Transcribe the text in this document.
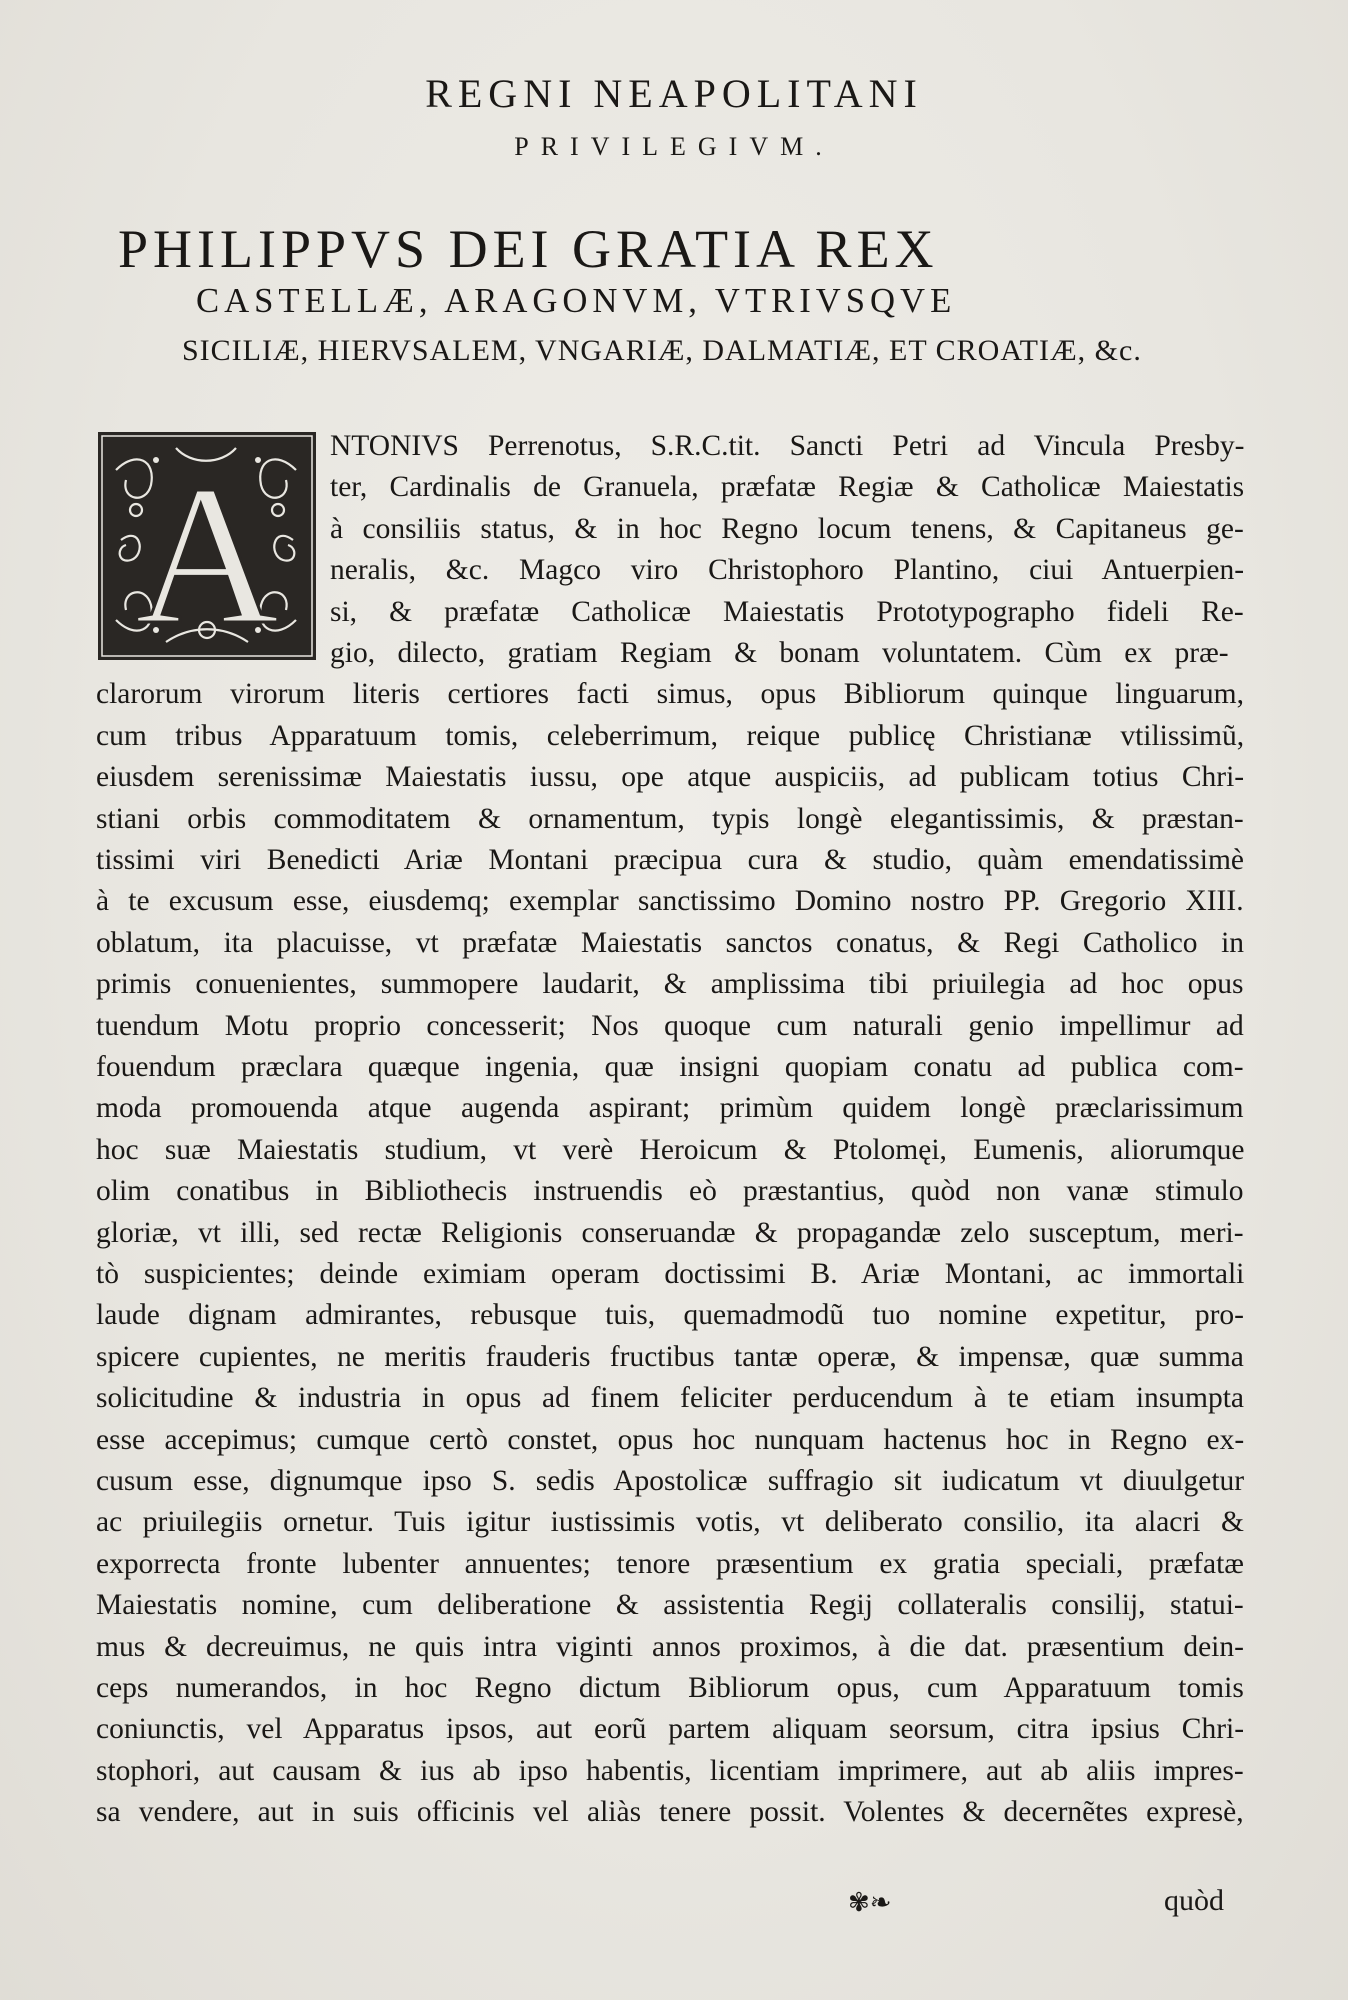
REGNI NEAPOLITANI
PRIVILEGIVM.
PHILIPPVS DEI GRATIA REX
CASTELLÆ, ARAGONVM, VTRIVSQVE
SICILIÆ, HIERVSALEM, VNGARIÆ, DALMATIÆ, ET CROATIÆ, &c.
A NTONIVS Perrenotus, S.R.C.tit. Sancti Petri ad Vincula Presby-
ter, Cardinalis de Granuela, præfatæ Regiæ & Catholicæ Maiestatis
à consiliis status, & in hoc Regno locum tenens, & Capitaneus ge-
neralis, &c. Magco viro Christophoro Plantino, ciui Antuerpien-
si, & præfatæ Catholicæ Maiestatis Prototypographo fideli Re-
gio, dilecto, gratiam Regiam & bonam voluntatem. Cùm ex præ-
clarorum virorum literis certiores facti simus, opus Bibliorum quinque linguarum,
cum tribus Apparatuum tomis, celeberrimum, reique publicę Christianæ vtilissimũ,
eiusdem serenissimæ Maiestatis iussu, ope atque auspiciis, ad publicam totius Chri-
stiani orbis commoditatem & ornamentum, typis longè elegantissimis, & præstan-
tissimi viri Benedicti Ariæ Montani præcipua cura & studio, quàm emendatissimè
à te excusum esse, eiusdemq; exemplar sanctissimo Domino nostro PP. Gregorio XIII.
oblatum, ita placuisse, vt præfatæ Maiestatis sanctos conatus, & Regi Catholico in
primis conuenientes, summopere laudarit, & amplissima tibi priuilegia ad hoc opus
tuendum Motu proprio concesserit; Nos quoque cum naturali genio impellimur ad
fouendum præclara quæque ingenia, quæ insigni quopiam conatu ad publica com-
moda promouenda atque augenda aspirant; primùm quidem longè præclarissimum
hoc suæ Maiestatis studium, vt verè Heroicum & Ptolomęi, Eumenis, aliorumque
olim conatibus in Bibliothecis instruendis eò præstantius, quòd non vanæ stimulo
gloriæ, vt illi, sed rectæ Religionis conseruandæ & propagandæ zelo susceptum, meri-
tò suspicientes; deinde eximiam operam doctissimi B. Ariæ Montani, ac immortali
laude dignam admirantes, rebusque tuis, quemadmodũ tuo nomine expetitur, pro-
spicere cupientes, ne meritis frauderis fructibus tantæ operæ, & impensæ, quæ summa
solicitudine & industria in opus ad finem feliciter perducendum à te etiam insumpta
esse accepimus; cumque certò constet, opus hoc nunquam hactenus hoc in Regno ex-
cusum esse, dignumque ipso S. sedis Apostolicæ suffragio sit iudicatum vt diuulgetur
ac priuilegiis ornetur. Tuis igitur iustissimis votis, vt deliberato consilio, ita alacri &
exporrecta fronte lubenter annuentes; tenore præsentium ex gratia speciali, præfatæ
Maiestatis nomine, cum deliberatione & assistentia Regij collateralis consilij, statui-
mus & decreuimus, ne quis intra viginti annos proximos, à die dat. præsentium dein-
ceps numerandos, in hoc Regno dictum Bibliorum opus, cum Apparatuum tomis
coniunctis, vel Apparatus ipsos, aut eorũ partem aliquam seorsum, citra ipsius Chri-
stophori, aut causam & ius ab ipso habentis, licentiam imprimere, aut ab aliis impres-
sa vendere, aut in suis officinis vel aliàs tenere possit. Volentes & decernẽtes expresè,
✾❧	quòd
